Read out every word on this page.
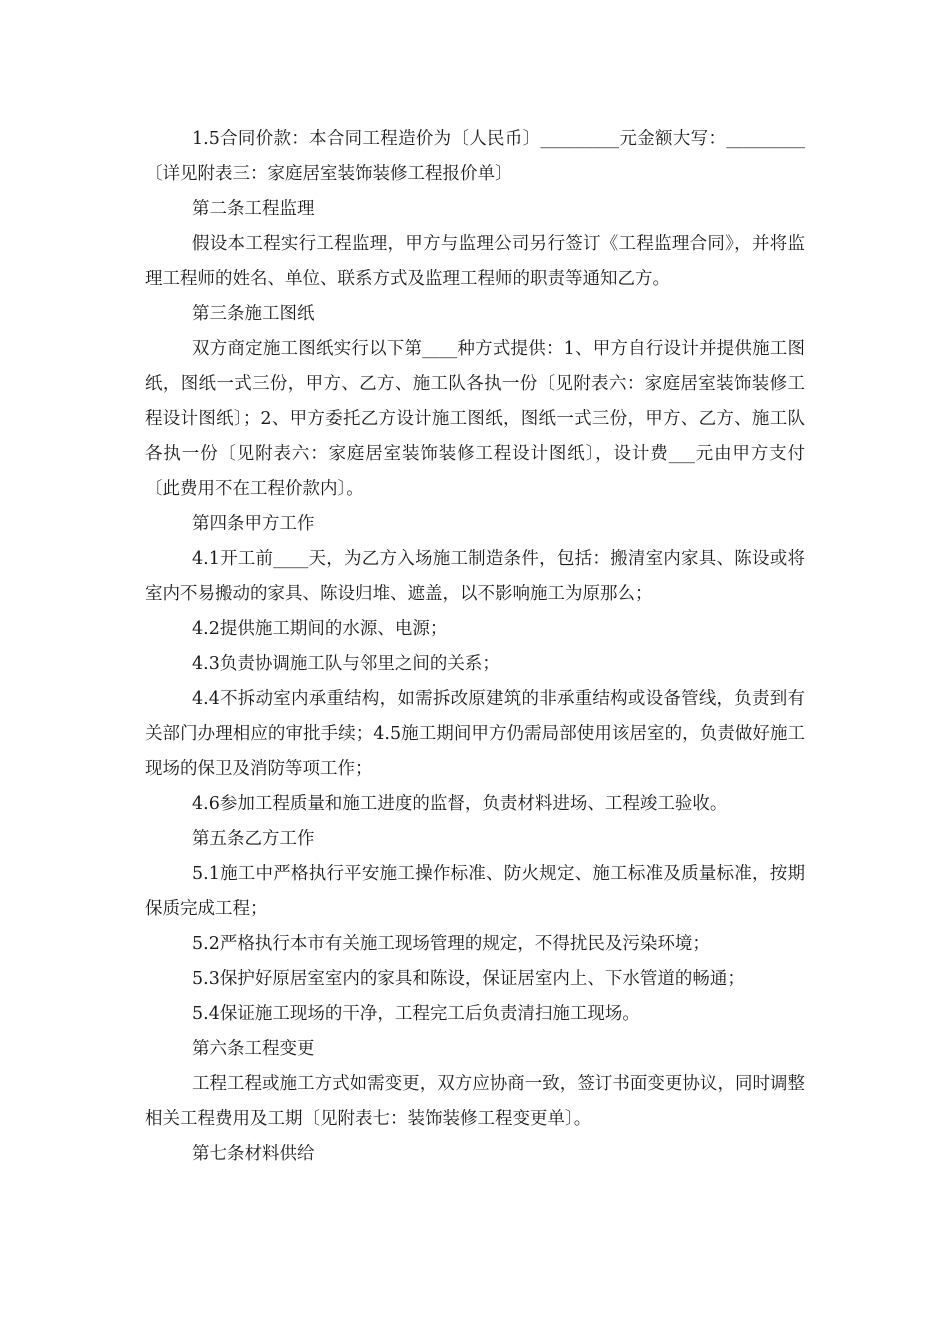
1.5合同价款：本合同工程造价为〔人民币〕_________元金额大写：_________〔详见附表三：家庭居室装饰装修工程报价单〕

第二条工程监理

假设本工程实行工程监理，甲方与监理公司另行签订《工程监理合同》，并将监理工程师的姓名、单位、联系方式及监理工程师的职责等通知乙方。

第三条施工图纸

双方商定施工图纸实行以下第____种方式提供：1、甲方自行设计并提供施工图纸，图纸一式三份，甲方、乙方、施工队各执一份〔见附表六：家庭居室装饰装修工程设计图纸〕；2、甲方委托乙方设计施工图纸，图纸一式三份，甲方、乙方、施工队各执一份〔见附表六：家庭居室装饰装修工程设计图纸〕，设计费___元由甲方支付〔此费用不在工程价款内〕。

第四条甲方工作

4.1开工前____天，为乙方入场施工制造条件，包括：搬清室内家具、陈设或将室内不易搬动的家具、陈设归堆、遮盖，以不影响施工为原那么；

4.2提供施工期间的水源、电源；

4.3负责协调施工队与邻里之间的关系；

4.4不拆动室内承重结构，如需拆改原建筑的非承重结构或设备管线，负责到有关部门办理相应的审批手续；4.5施工期间甲方仍需局部使用该居室的，负责做好施工现场的保卫及消防等项工作；

4.6参加工程质量和施工进度的监督，负责材料进场、工程竣工验收。

第五条乙方工作

5.1施工中严格执行平安施工操作标准、防火规定、施工标准及质量标准，按期保质完成工程；

5.2严格执行本市有关施工现场管理的规定，不得扰民及污染环境；

5.3保护好原居室室内的家具和陈设，保证居室内上、下水管道的畅通；

5.4保证施工现场的干净，工程完工后负责清扫施工现场。

第六条工程变更

工程工程或施工方式如需变更，双方应协商一致，签订书面变更协议，同时调整相关工程费用及工期〔见附表七：装饰装修工程变更单〕。

第七条材料供给
